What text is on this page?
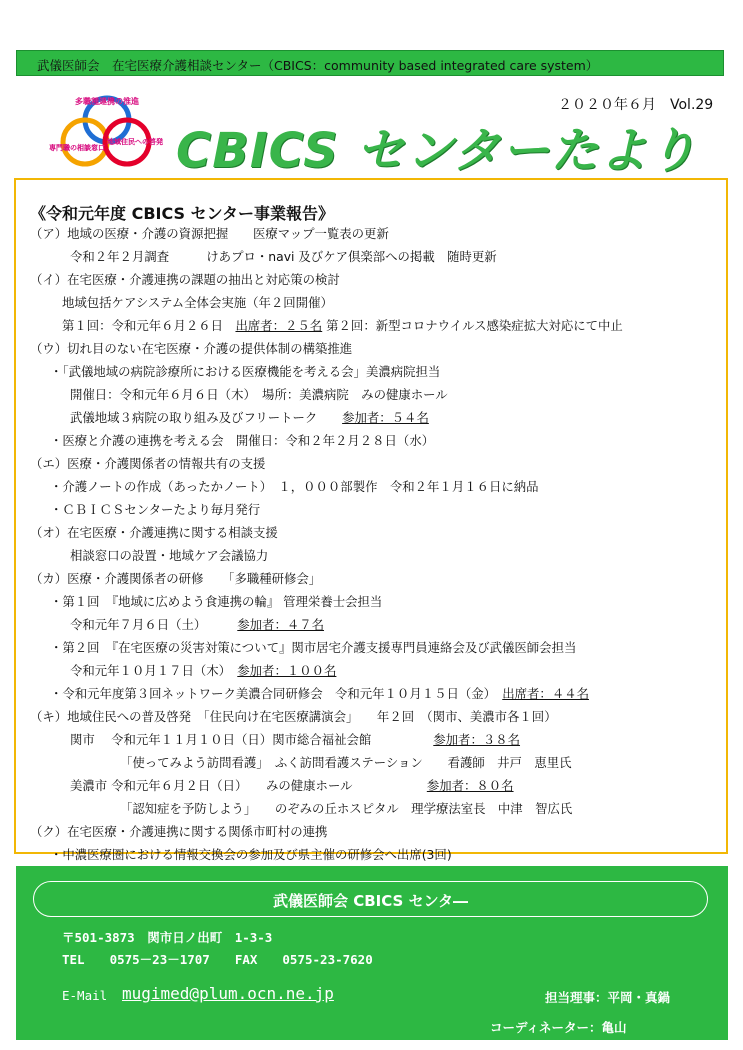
武儀医師会　在宅医療介護相談センター（CBICS：community based integrated care system）
多職種連携の推進
専門職の相談窓口
地域住民への啓発
２０２０年６月　Vol.29
CBICS センターたより
《令和元年度 CBICS センター事業報告》
（ア）地域の医療・介護の資源把握　　医療マップ一覧表の更新
令和２年２月調査　　　けあプロ・navi 及びケア倶楽部への掲載　随時更新
（イ）在宅医療・介護連携の課題の抽出と対応策の検討
地域包括ケアシステム全体会実施（年２回開催）
第１回：令和元年６月２６日　出席者：２５名 第２回：新型コロナウイルス感染症拡大対応にて中止
（ウ）切れ目のない在宅医療・介護の提供体制の構築推進
・「武儀地域の病院診療所における医療機能を考える会」美濃病院担当
開催日：令和元年６月６日（木）　場所：美濃病院　みの健康ホール
武儀地域３病院の取り組み及びフリートーク　　参加者：５４名
・医療と介護の連携を考える会　開催日：令和２年２月２８日（水）
（エ）医療・介護関係者の情報共有の支援
・介護ノートの作成（あったかノート）　１，０００部製作　令和２年１月１６日に納品
・ＣＢＩＣＳセンターたより毎月発行
（オ）在宅医療・介護連携に関する相談支援
相談窓口の設置・地域ケア会議協力
（カ）医療・介護関係者の研修　　「多職種研修会」
・第１回　『地域に広めよう食連携の輪』 管理栄養士会担当
令和元年７月６日（土）　　　参加者：４７名
・第２回　『在宅医療の災害対策について』関市居宅介護支援専門員連絡会及び武儀医師会担当
令和元年１０月１７日（木）　参加者：１００名
・令和元年度第３回ネットワーク美濃合同研修会　令和元年１０月１５日（金）　出席者：４４名
（キ）地域住民への普及啓発　「住民向け在宅医療講演会」　　年２回　（関市、美濃市各１回）
関市　 令和元年１１月１０日（日）関市総合福祉会館　　　　　参加者：３８名
「使ってみよう訪問看護」　ふく訪問看護ステーション　　看護師　井戸　恵里氏
美濃市 令和元年６月２日（日）　　みの健康ホール　　　　　　参加者：８０名
「認知症を予防しよう」　　のぞみの丘ホスピタル　理学療法室長　中津　智広氏
（ク）在宅医療・介護連携に関する関係市町村の連携
・中濃医療圏における情報交換会の参加及び県主催の研修会へ出席(3回)
武儀医師会 CBICS センタ―
〒501-3873　関市日ノ出町　1-3-3
TEL　　0575－23－1707　　FAX　　0575-23-7620
E-Mail mugimed@plum.ocn.ne.jp	担当理事：平岡・真鍋
コーディネーター：亀山
